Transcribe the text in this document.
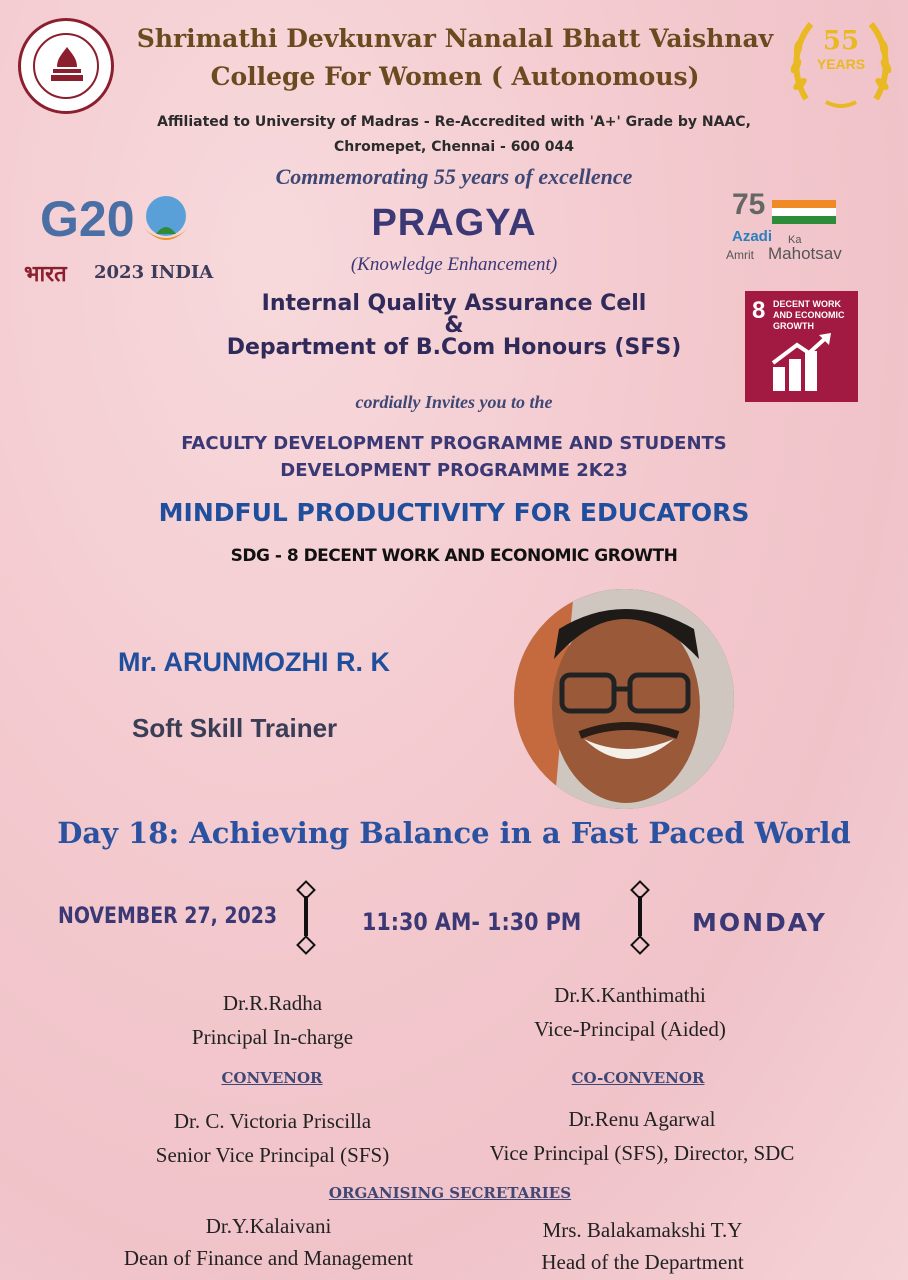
Shrimathi Devkunvar Nanalal Bhatt Vaishnav
College For Women ( Autonomous)
55
YEARS
Affiliated to University of Madras - Re-Accredited with 'A+' Grade by NAAC,
Chromepet, Chennai - 600 044
Commemorating 55 years of excellence
G20
भारत 2023 INDIA
PRAGYA
(Knowledge Enhancement)
75
Azadi Ka
Amrit Mahotsav
Internal Quality Assurance Cell
&
Department of B.Com Honours (SFS)
8 DECENT WORK AND ECONOMIC GROWTH
cordially Invites you to the
FACULTY DEVELOPMENT PROGRAMME AND STUDENTS
DEVELOPMENT PROGRAMME 2K23
MINDFUL PRODUCTIVITY FOR EDUCATORS
SDG - 8 DECENT WORK AND ECONOMIC GROWTH
Mr. ARUNMOZHI R. K
Soft Skill Trainer
Day 18: Achieving Balance in a Fast Paced World
NOVEMBER 27, 2023	11:30 AM- 1:30 PM	MONDAY
Dr.R.Radha
Principal In-charge
Dr.K.Kanthimathi
Vice-Principal (Aided)
CONVENOR
Dr. C. Victoria Priscilla
Senior Vice Principal (SFS)
CO-CONVENOR
Dr.Renu Agarwal
Vice Principal (SFS), Director, SDC
ORGANISING SECRETARIES
Dr.Y.Kalaivani
Dean of Finance and Management
Mrs. Balakamakshi T.Y
Head of the Department
